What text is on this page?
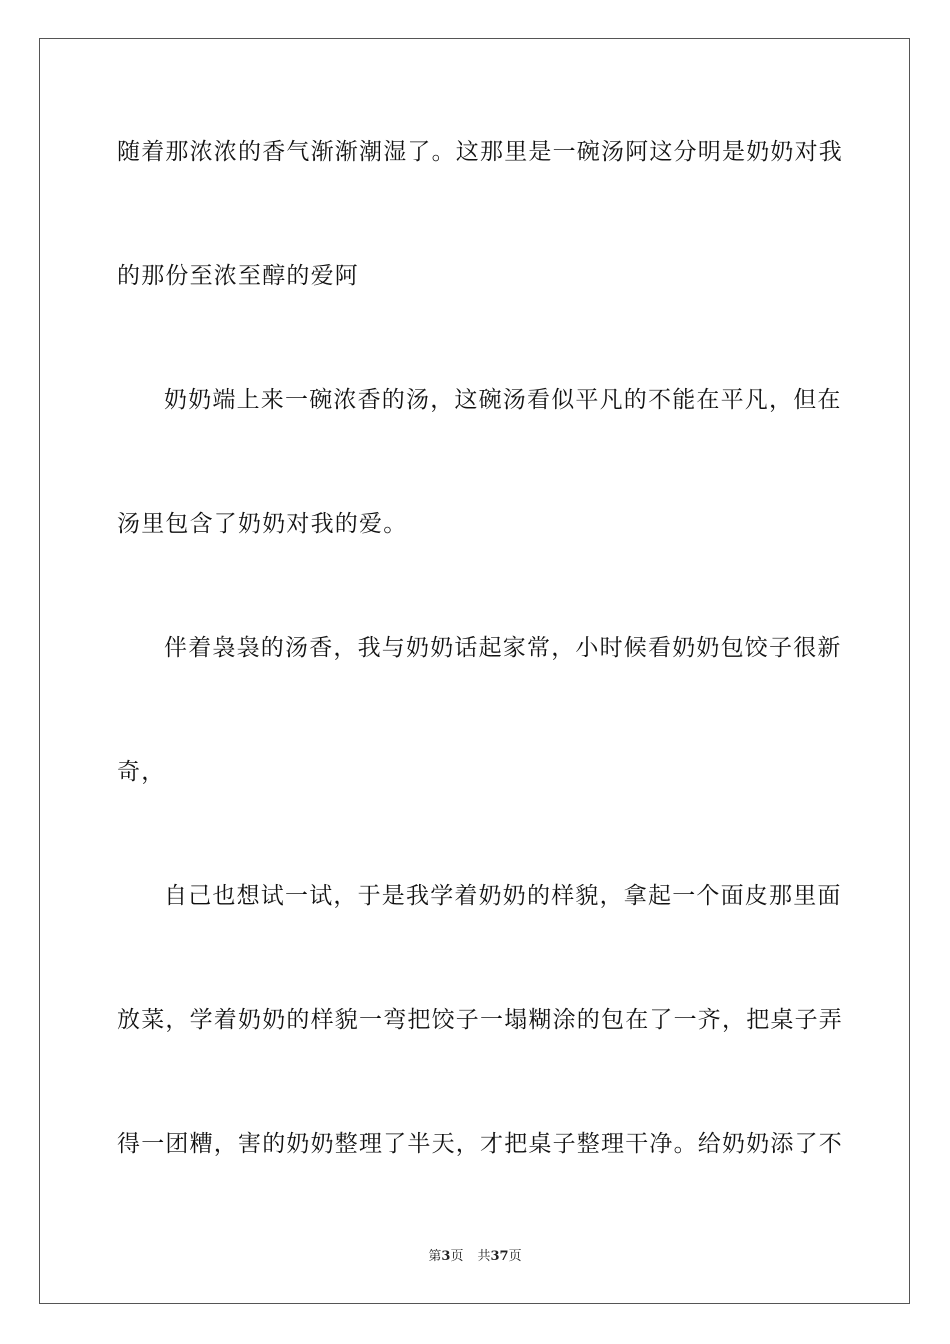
随着那浓浓的香气渐渐潮湿了。这那里是一碗汤阿这分明是奶奶对我
的那份至浓至醇的爱阿
奶奶端上来一碗浓香的汤，这碗汤看似平凡的不能在平凡，但在
汤里包含了奶奶对我的爱。
伴着袅袅的汤香，我与奶奶话起家常，小时候看奶奶包饺子很新
奇，
自己也想试一试，于是我学着奶奶的样貌，拿起一个面皮那里面
放菜，学着奶奶的样貌一弯把饺子一塌糊涂的包在了一齐，把桌子弄
得一团糟，害的奶奶整理了半天，才把桌子整理干净。给奶奶添了不
第3页 共37页
